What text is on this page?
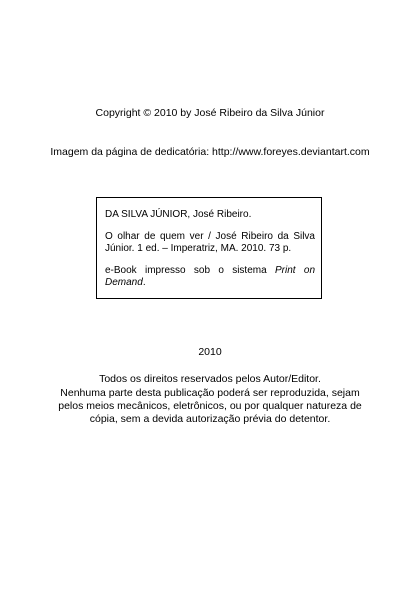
Copyright © 2010 by José Ribeiro da Silva Júnior
Imagem da página de dedicatória: http://www.foreyes.deviantart.com

DA SILVA JÚNIOR, José Ribeiro.

O olhar de quem ver / José Ribeiro da Silva Júnior. 1 ed. – Imperatriz, MA. 2010. 73 p.

e-Book impresso sob o sistema Print on Demand.

2010
Todos os direitos reservados pelos Autor/Editor.
Nenhuma parte desta publicação poderá ser reproduzida, sejam
pelos meios mecânicos, eletrônicos, ou por qualquer natureza de
cópia, sem a devida autorização prévia do detentor.
